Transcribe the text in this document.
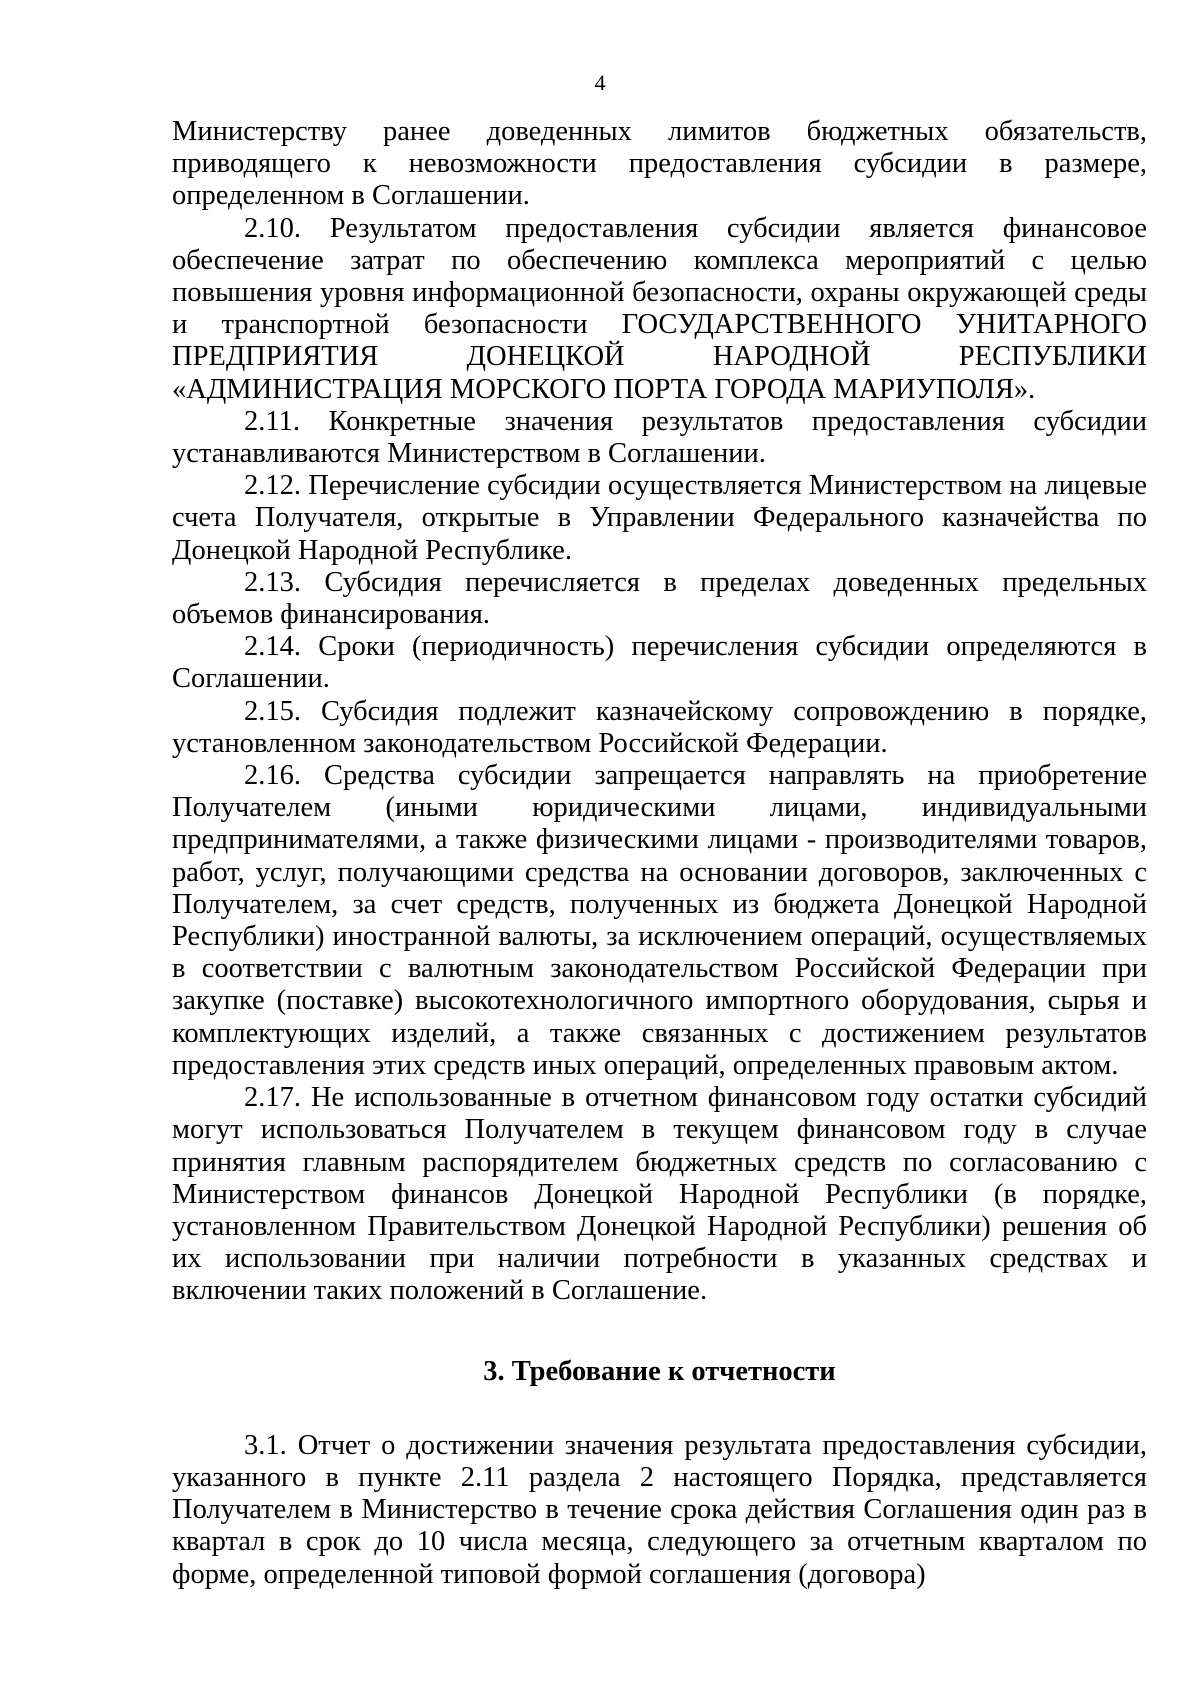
4

Министерству ранее доведенных лимитов бюджетных обязательств, приводящего к невозможности предоставления субсидии в размере, определенном в Соглашении.

2.10. Результатом предоставления субсидии является финансовое обеспечение затрат по обеспечению комплекса мероприятий с целью повышения уровня информационной безопасности, охраны окружающей среды и транспортной безопасности ГОСУДАРСТВЕННОГО УНИТАРНОГО ПРЕДПРИЯТИЯ ДОНЕЦКОЙ НАРОДНОЙ РЕСПУБЛИКИ «АДМИНИСТРАЦИЯ МОРСКОГО ПОРТА ГОРОДА МАРИУПОЛЯ».

2.11. Конкретные значения результатов предоставления субсидии устанавливаются Министерством в Соглашении.

2.12. Перечисление субсидии осуществляется Министерством на лицевые счета Получателя, открытые в Управлении Федерального казначейства по Донецкой Народной Республике.

2.13. Субсидия перечисляется в пределах доведенных предельных объемов финансирования.

2.14. Сроки (периодичность) перечисления субсидии определяются в Соглашении.

2.15. Субсидия подлежит казначейскому сопровождению в порядке, установленном законодательством Российской Федерации.

2.16. Средства субсидии запрещается направлять на приобретение Получателем (иными юридическими лицами, индивидуальными предпринимателями, а также физическими лицами - производителями товаров, работ, услуг, получающими средства на основании договоров, заключенных с Получателем, за счет средств, полученных из бюджета Донецкой Народной Республики) иностранной валюты, за исключением операций, осуществляемых в соответствии с валютным законодательством Российской Федерации при закупке (поставке) высокотехнологичного импортного оборудования, сырья и комплектующих изделий, а также связанных с достижением результатов предоставления этих средств иных операций, определенных правовым актом.

2.17. Не использованные в отчетном финансовом году остатки субсидий могут использоваться Получателем в текущем финансовом году в случае принятия главным распорядителем бюджетных средств по согласованию с Министерством финансов Донецкой Народной Республики (в порядке, установленном Правительством Донецкой Народной Республики) решения об их использовании при наличии потребности в указанных средствах и включении таких положений в Соглашение.

3. Требование к отчетности

3.1. Отчет о достижении значения результата предоставления субсидии, указанного в пункте 2.11 раздела 2 настоящего Порядка, представляется Получателем в Министерство в течение срока действия Соглашения один раз в квартал в срок до 10 числа месяца, следующего за отчетным кварталом по форме, определенной типовой формой соглашения (договора)
